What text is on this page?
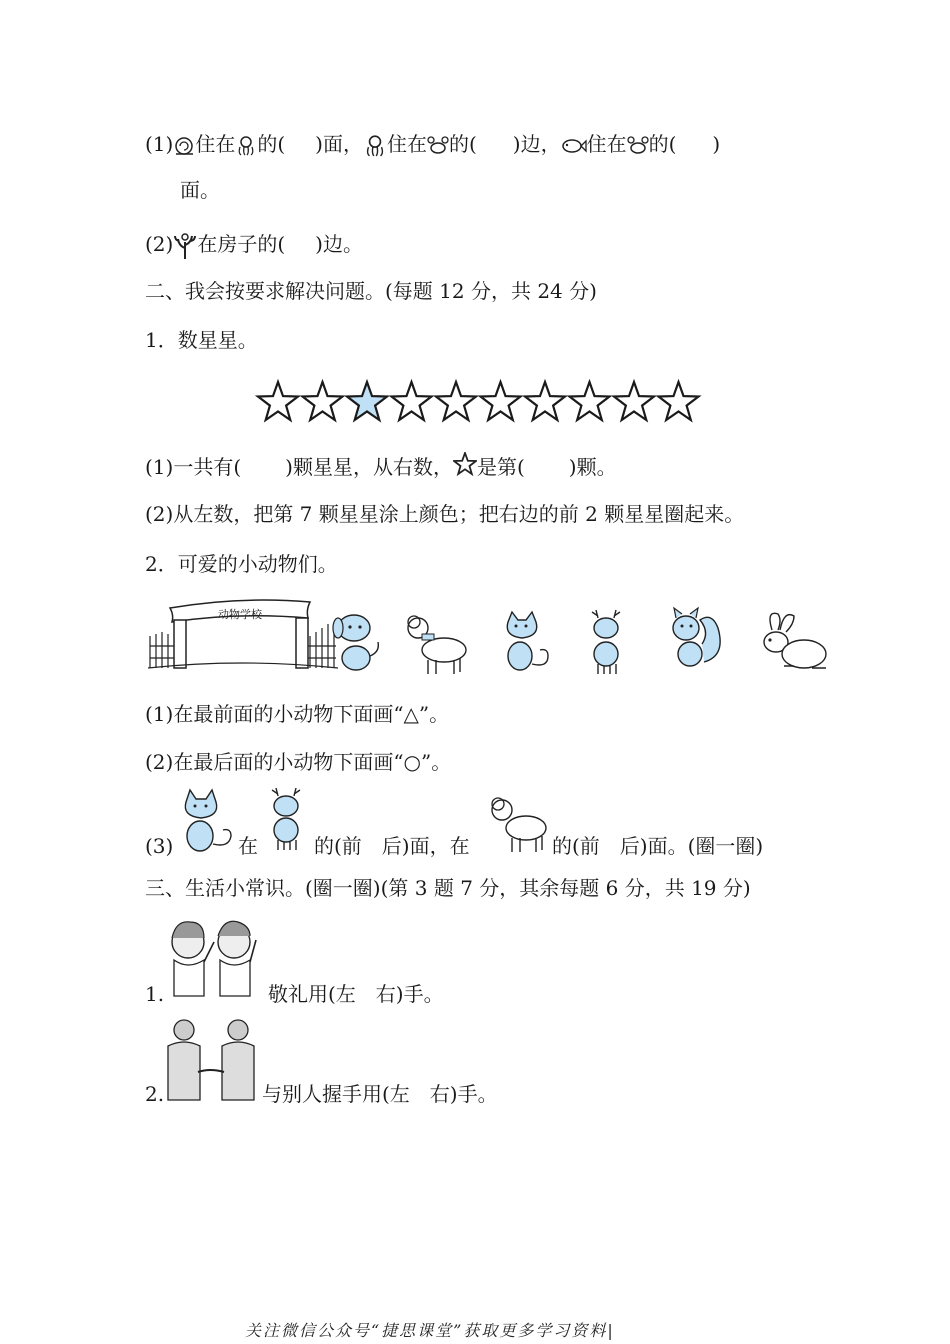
(1) 住在 的( )面， 住在 的( )边， 住在 的( )
面。
(2) 在房子的( )边。
二、我会按要求解决问题。(每题 12 分，共 24 分)
1．数星星。
(1)一共有( )颗星星，从右数， 是第( )颗。
(2)从左数，把第 7 颗星星涂上颜色；把右边的前 2 颗星星圈起来。
2．可爱的小动物们。
动物学校
(1)在最前面的小动物下面画“△”。
(2)在最后面的小动物下面画“○”。
(3)	在	的(前　后)面，在	的(前　后)面。(圈一圈)
三、生活小常识。(圈一圈)(第 3 题 7 分，其余每题 6 分，共 19 分)
1.	敬礼用(左　右)手。
2.	与别人握手用(左　右)手。
关注微信公众号“捷思课堂”获取更多学习资料|
